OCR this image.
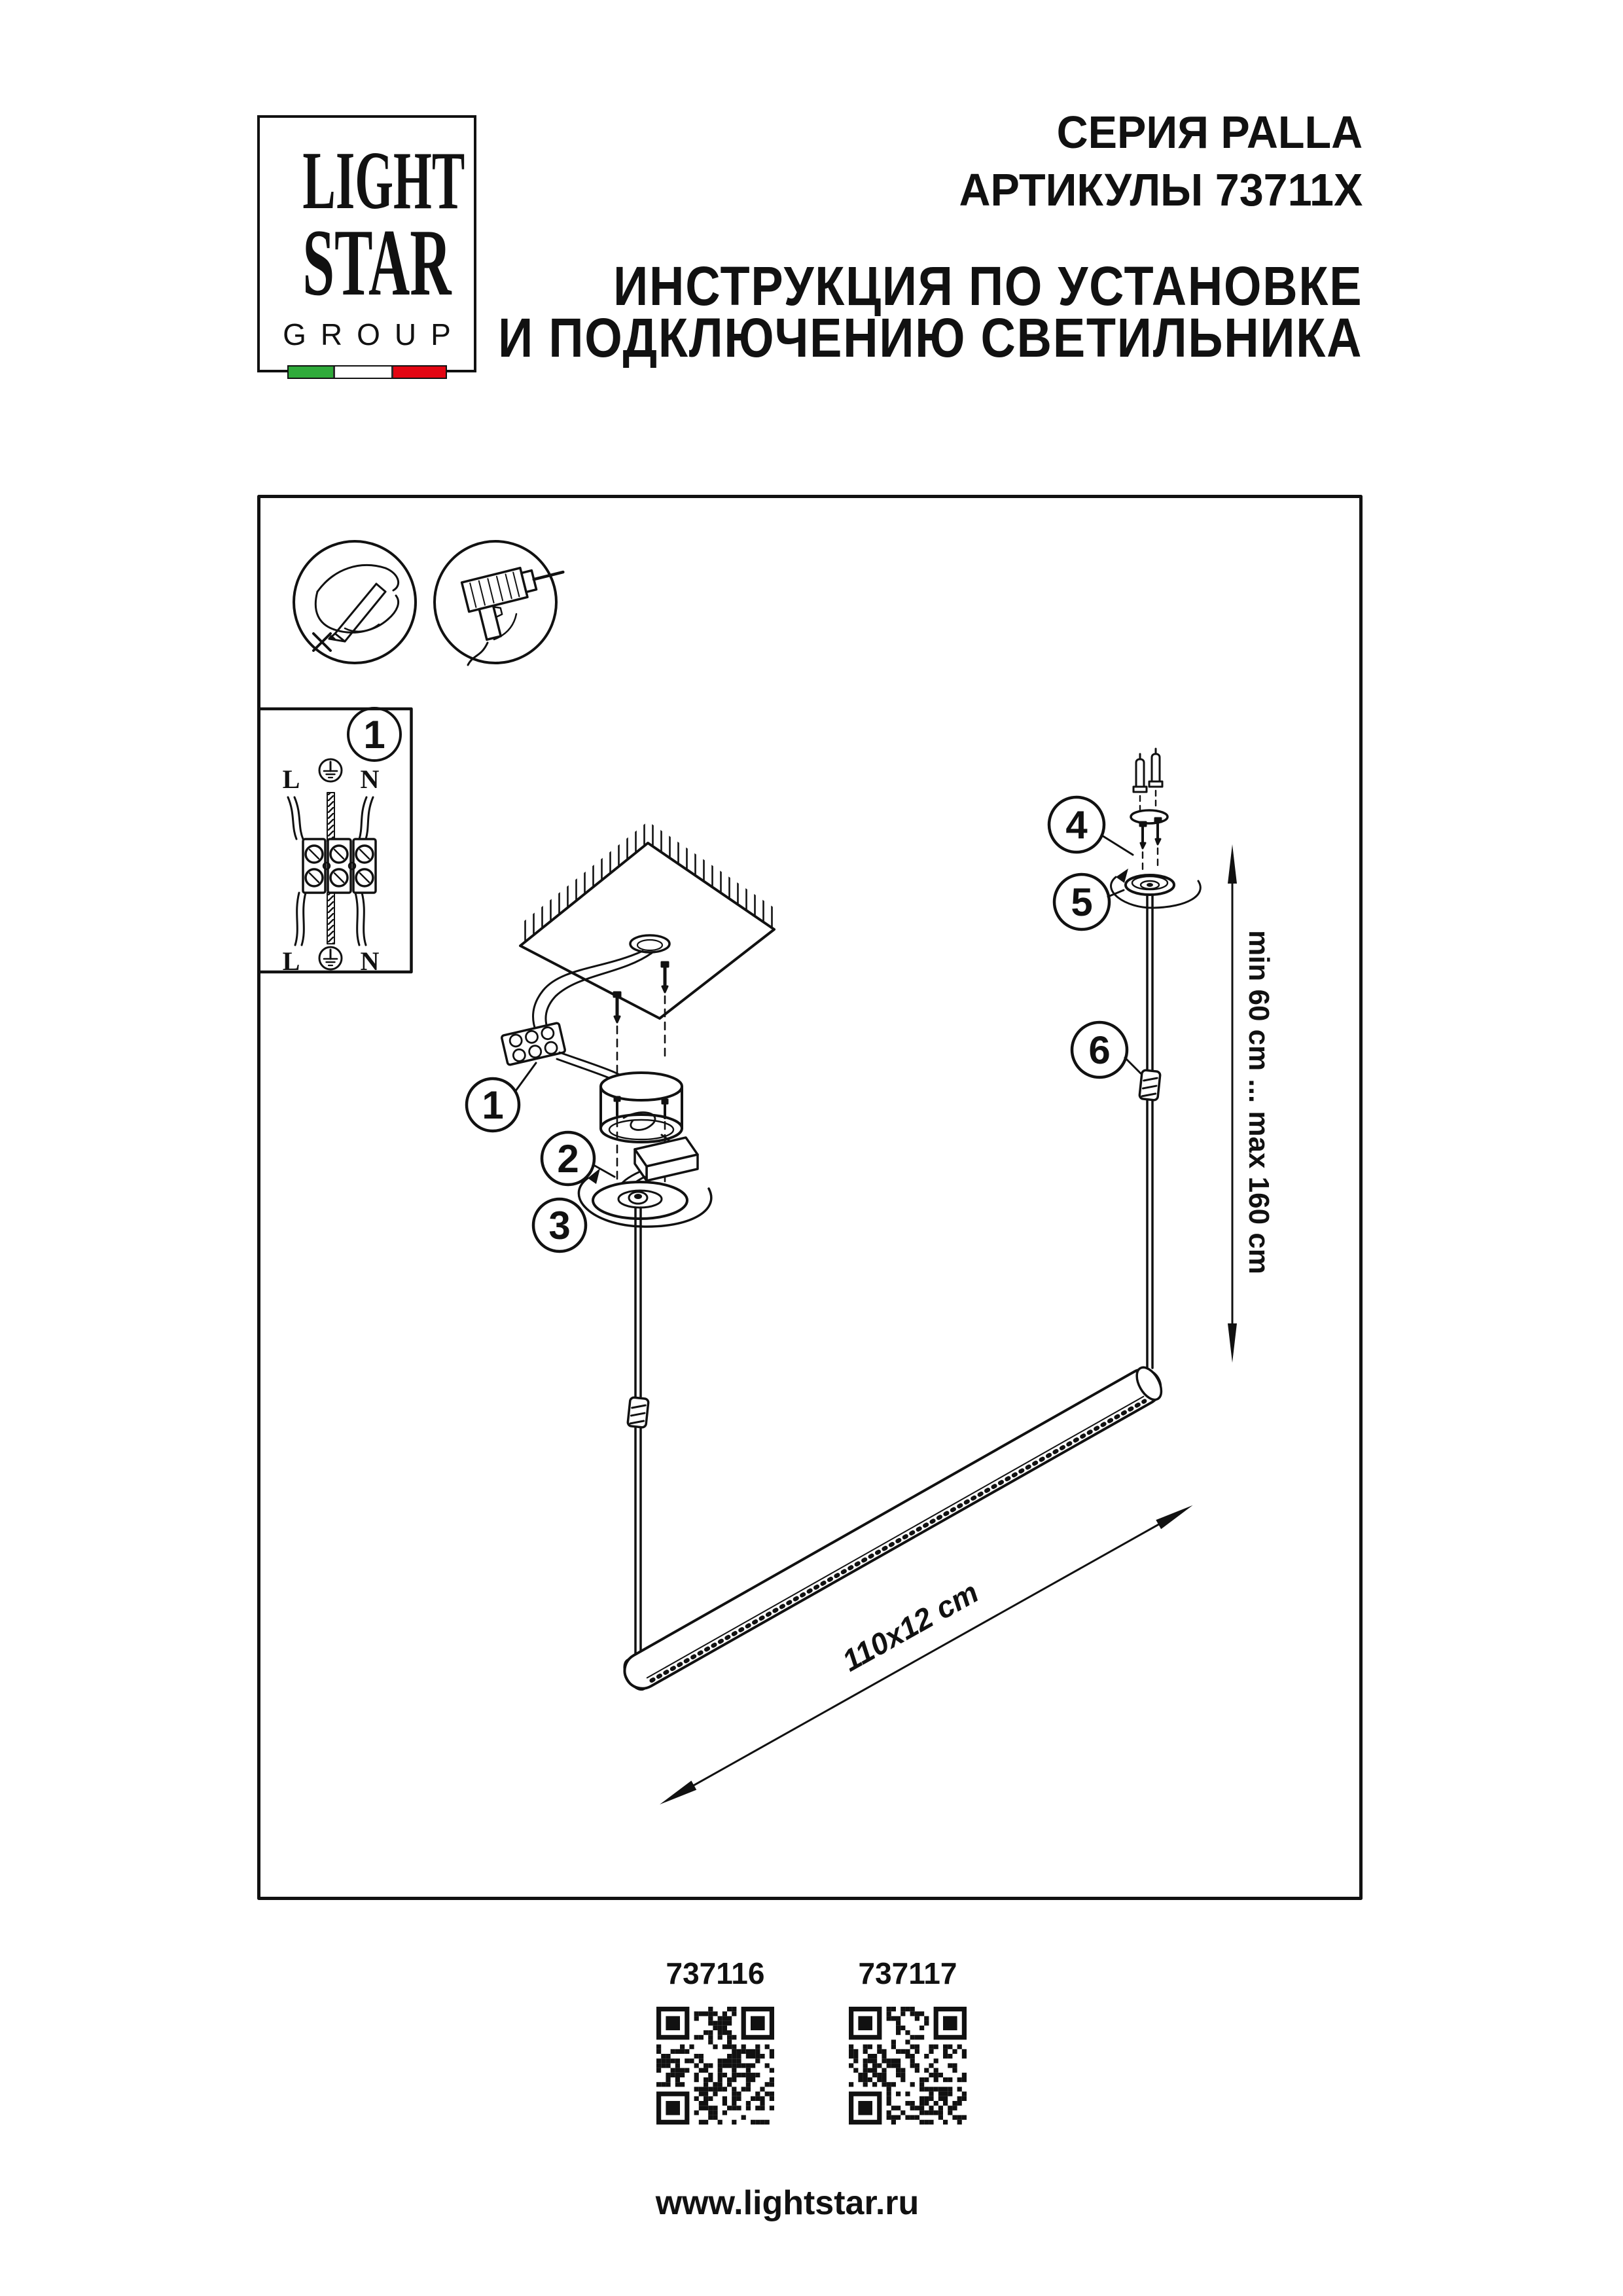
LIGHT
STAR
GROUP
СЕРИЯ PALLA
АРТИКУЛЫ 73711X
ИНСТРУКЦИЯ ПО УСТАНОВКЕ
И ПОДКЛЮЧЕНИЮ СВЕТИЛЬНИКА
1
L N
L N
1
2
3
4
5
6	min 60 cm ... max 160 cm
110x12 cm
737116	737117
www.lightstar.ru
